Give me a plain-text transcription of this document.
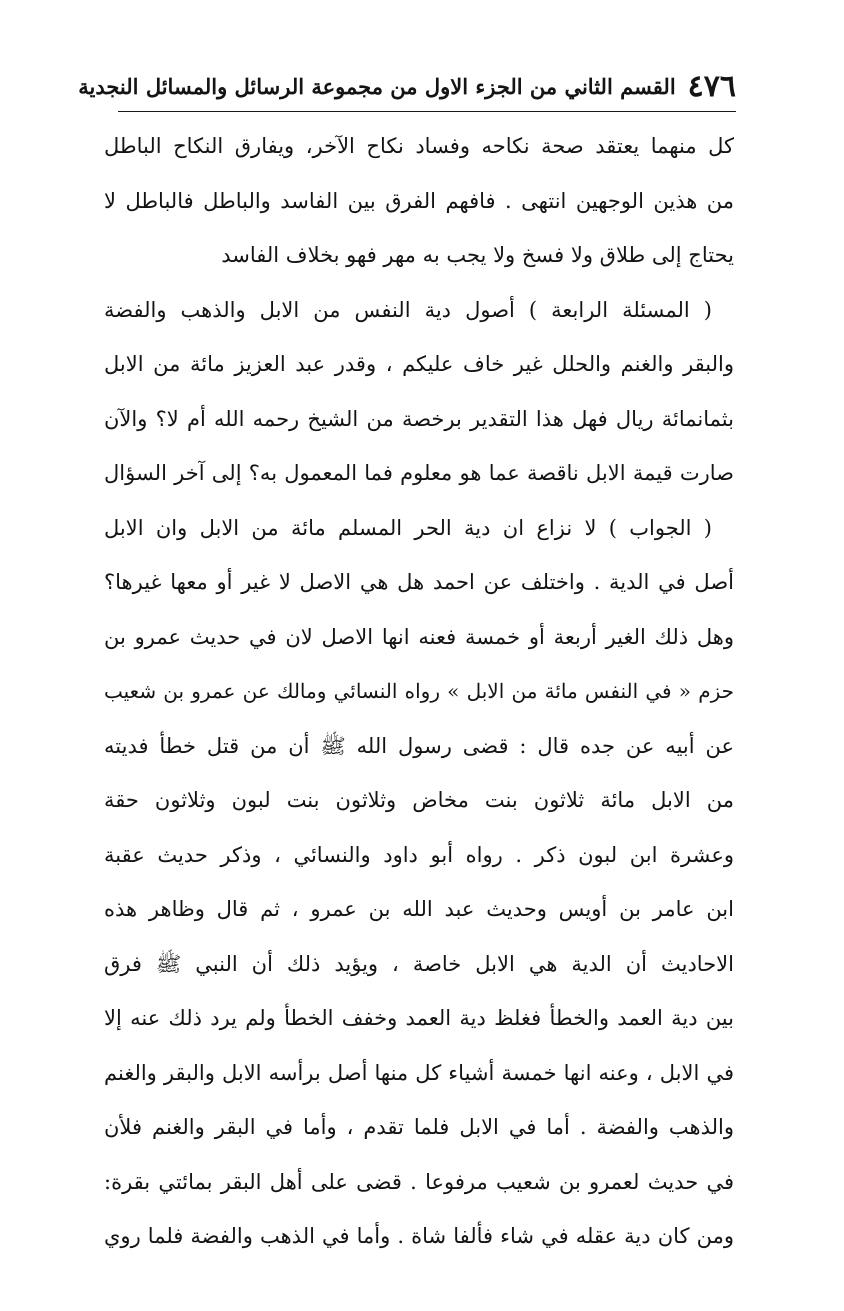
٤٧٦
القسم الثاني من الجزء الاول من مجموعة الرسائل والمسائل النجدية
كل منهما يعتقد صحة نكاحه وفساد نكاح الآخر، ويفارق النكاح الباطل
من هذين الوجهين انتهى . فافهم الفرق بين الفاسد والباطل فالباطل لا
يحتاج إلى طلاق ولا فسخ ولا يجب به مهر فهو بخلاف الفاسد
( المسئلة الرابعة ) أصول دية النفس من الابل والذهب والفضة
والبقر والغنم والحلل غير خاف عليكم ، وقدر عبد العزيز مائة من الابل
بثمانمائة ريال فهل هذا التقدير برخصة من الشيخ رحمه الله أم لا؟ والآن
صارت قيمة الابل ناقصة عما هو معلوم فما المعمول به؟ إلى آخر السؤال
( الجواب ) لا نزاع ان دية الحر المسلم مائة من الابل وان الابل
أصل في الدية . واختلف عن احمد هل هي الاصل لا غير أو معها غيرها؟
وهل ذلك الغير أربعة أو خمسة فعنه انها الاصل لان في حديث عمرو بن
حزم « في النفس مائة من الابل » رواه النسائي ومالك عن عمرو بن شعيب
عن أبيه عن جده قال : قضى رسول الله ﷺ أن من قتل خطأ فديته
من الابل مائة ثلاثون بنت مخاض وثلاثون بنت لبون وثلاثون حقة
وعشرة ابن لبون ذكر . رواه أبو داود والنسائي ، وذكر حديث عقبة
ابن عامر بن أويس وحديث عبد الله بن عمرو ، ثم قال وظاهر هذه
الاحاديث أن الدية هي الابل خاصة ، ويؤيد ذلك أن النبي ﷺ فرق
بين دية العمد والخطأ فغلظ دية العمد وخفف الخطأ ولم يرد ذلك عنه إلا
في الابل ، وعنه انها خمسة أشياء كل منها أصل برأسه الابل والبقر والغنم
والذهب والفضة . أما في الابل فلما تقدم ، وأما في البقر والغنم فلأن
في حديث لعمرو بن شعيب مرفوعا . قضى على أهل البقر بمائتي بقرة:
ومن كان دية عقله في شاء فألفا شاة . وأما في الذهب والفضة فلما روي
